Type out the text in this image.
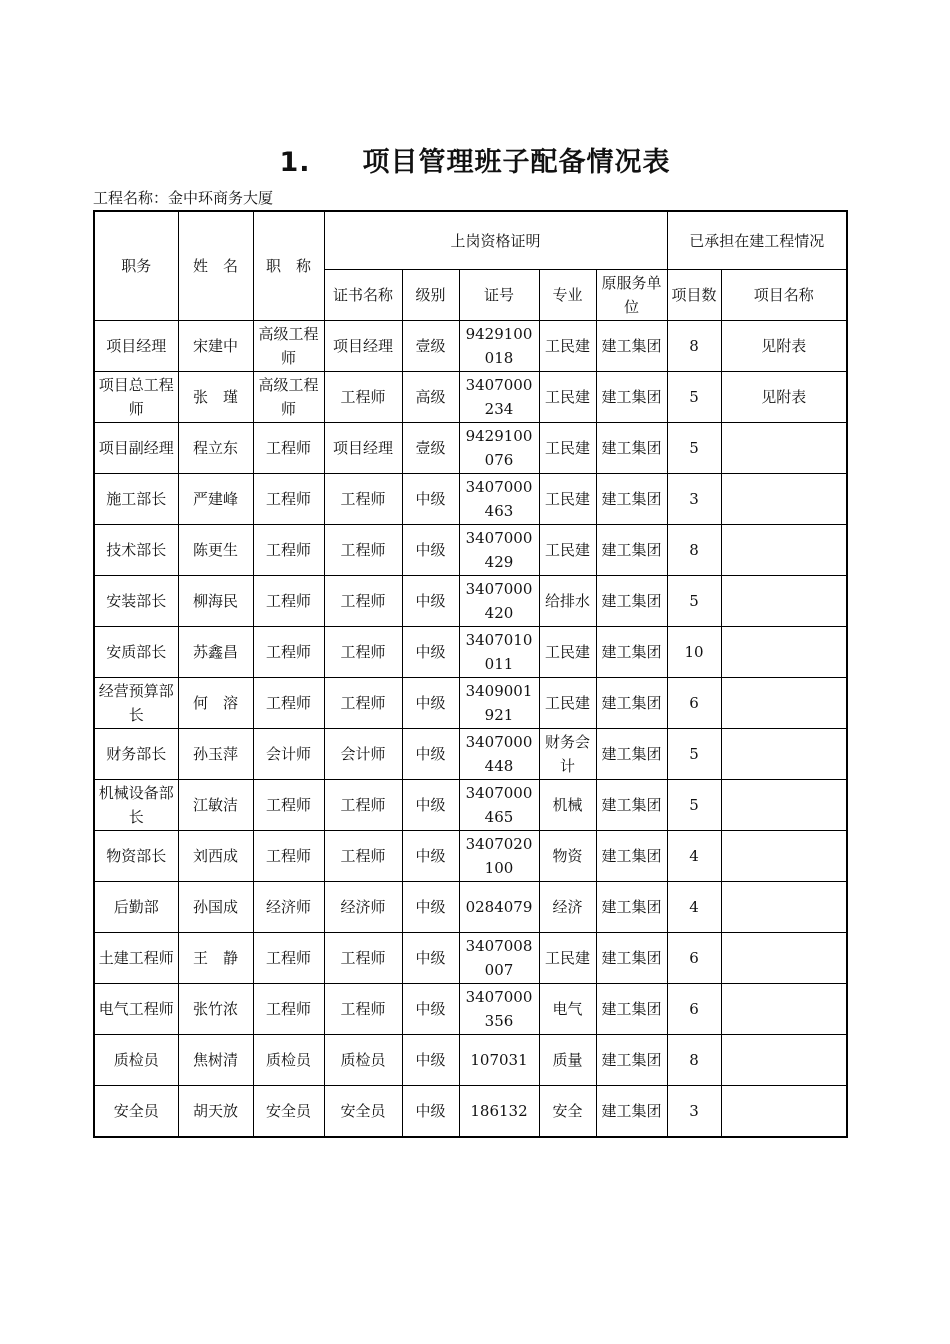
1. 项目管理班子配备情况表
工程名称：金中环商务大厦
职务	姓　名	职　称	上岗资格证明					已承担在建工程情况	
			证书名称	级别	证号	专业	原服务单位	项目数	项目名称
项目经理	宋建中	高级工程师	项目经理	壹级	9429100018	工民建	建工集团	8	见附表
项目总工程师	张　瑾	高级工程师	工程师	高级	3407000234	工民建	建工集团	5	见附表
项目副经理	程立东	工程师	项目经理	壹级	9429100076	工民建	建工集团	5	
施工部长	严建峰	工程师	工程师	中级	3407000463	工民建	建工集团	3	
技术部长	陈更生	工程师	工程师	中级	3407000429	工民建	建工集团	8	
安装部长	柳海民	工程师	工程师	中级	3407000420	给排水	建工集团	5	
安质部长	苏鑫昌	工程师	工程师	中级	3407010011	工民建	建工集团	10	
经营预算部长	何　溶	工程师	工程师	中级	3409001921	工民建	建工集团	6	
财务部长	孙玉萍	会计师	会计师	中级	3407000448	财务会计	建工集团	5	
机械设备部长	江敏洁	工程师	工程师	中级	3407000465	机械	建工集团	5	
物资部长	刘西成	工程师	工程师	中级	3407020100	物资	建工集团	4	
后勤部	孙国成	经济师	经济师	中级	0284079	经济	建工集团	4	
土建工程师	王　静	工程师	工程师	中级	3407008007	工民建	建工集团	6	
电气工程师	张竹浓	工程师	工程师	中级	3407000356	电气	建工集团	6	
质检员	焦树清	质检员	质检员	中级	107031	质量	建工集团	8	
安全员	胡天放	安全员	安全员	中级	186132	安全	建工集团	3	
